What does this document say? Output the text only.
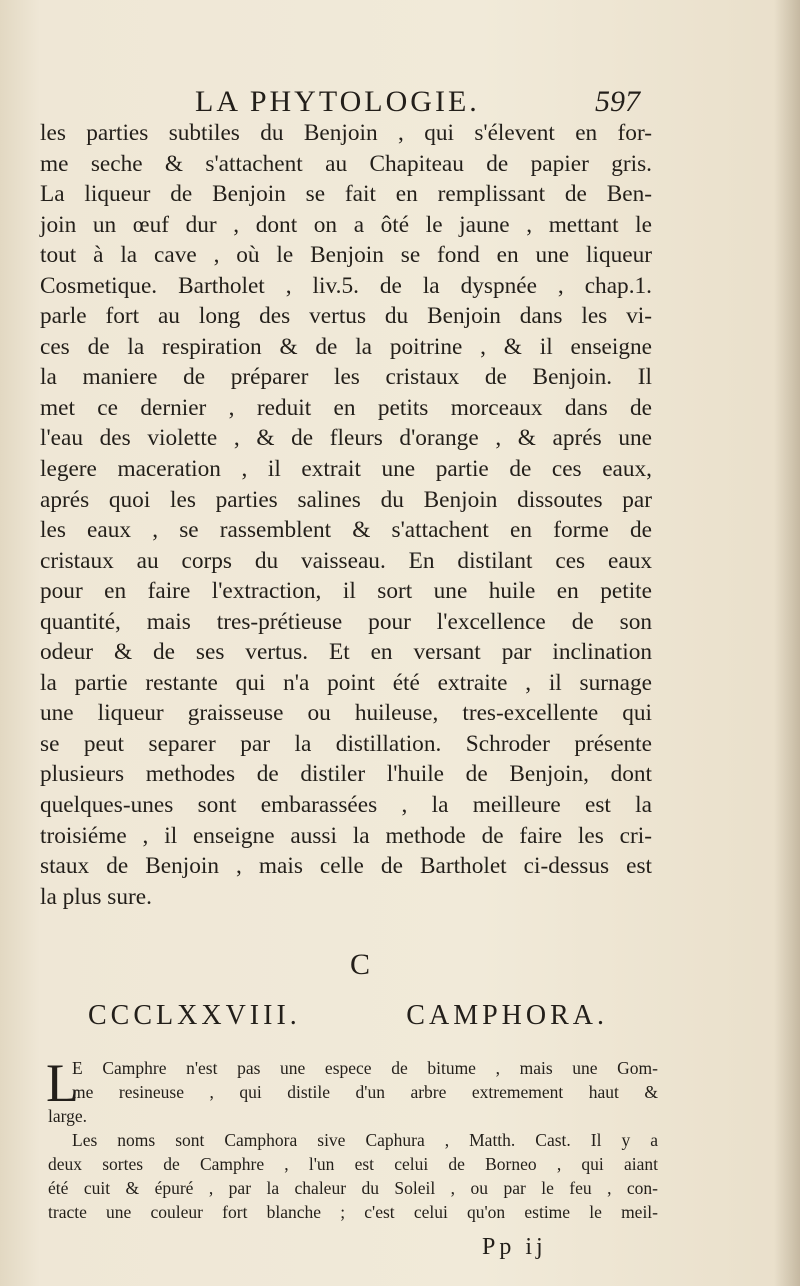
LA PHYTOLOGIE.	597
les parties subtiles du Benjoin , qui s'élevent en for-
me seche & s'attachent au Chapiteau de papier gris.
La liqueur de Benjoin se fait en remplissant de Ben-
join un œuf dur , dont on a ôté le jaune , mettant le
tout à la cave , où le Benjoin se fond en une liqueur
Cosmetique. Bartholet , liv.5. de la dyspnée , chap.1.
parle fort au long des vertus du Benjoin dans les vi-
ces de la respiration & de la poitrine , & il enseigne
la maniere de préparer les cristaux de Benjoin. Il
met ce dernier , reduit en petits morceaux dans de
l'eau des violette , & de fleurs d'orange , & aprés une
legere maceration , il extrait une partie de ces eaux,
aprés quoi les parties salines du Benjoin dissoutes par
les eaux , se rassemblent & s'attachent en forme de
cristaux au corps du vaisseau. En distilant ces eaux
pour en faire l'extraction, il sort une huile en petite
quantité, mais tres-prétieuse pour l'excellence de son
odeur & de ses vertus. Et en versant par inclination
la partie restante qui n'a point été extraite , il surnage
une liqueur graisseuse ou huileuse, tres-excellente qui
se peut separer par la distillation. Schroder présente
plusieurs methodes de distiler l'huile de Benjoin, dont
quelques-unes sont embarassées , la meilleure est la
troisiéme , il enseigne aussi la methode de faire les cri-
staux de Benjoin , mais celle de Bartholet ci-dessus est
la plus sure.
C
CCCLXXVIII.	CAMPHORA.
L
E Camphre n'est pas une espece de bitume , mais une Gom-
me resineuse , qui distile d'un arbre extremement haut &
large.
Les noms sont Camphora sive Caphura , Matth. Cast. Il y a
deux sortes de Camphre , l'un est celui de Borneo , qui aiant
été cuit & épuré , par la chaleur du Soleil , ou par le feu , con-
tracte une couleur fort blanche ; c'est celui qu'on estime le meil-
Pp ij
